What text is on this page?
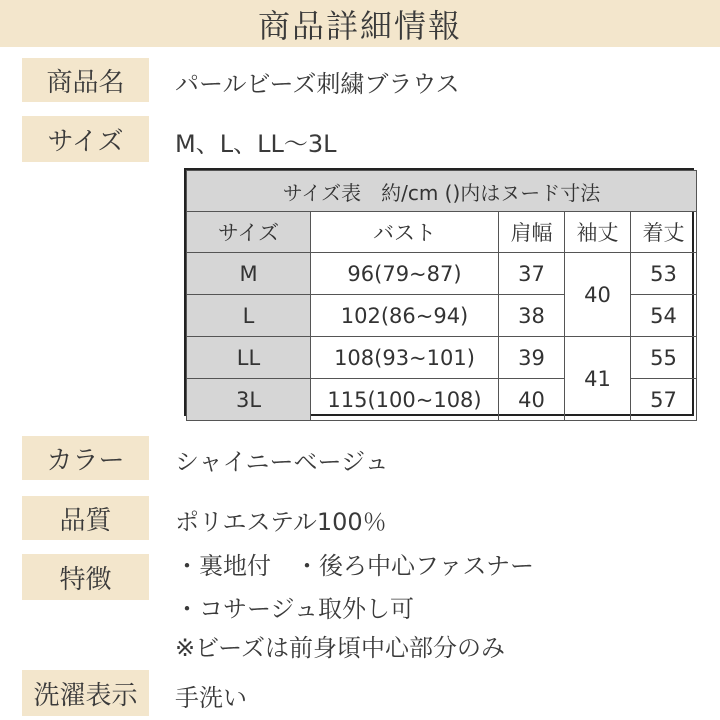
商品詳細情報
商品名	パールビーズ刺繍ブラウス
サイズ	M、L、LL〜3L
サイズ表　約/cm ()内はヌード寸法				
サイズ	バスト	肩幅	袖丈	着丈
M	96(79~87)	37	40	53
L	102(86~94)	38		54
LL	108(93~101)	39	41	55
3L	115(100~108)	40		57
カラー	シャイニーベージュ
品質	ポリエステル100％
特徴	・裏地付　・後ろ中心ファスナー
・コサージュ取外し可
※ビーズは前身頃中心部分のみ
洗濯表示	手洗い
